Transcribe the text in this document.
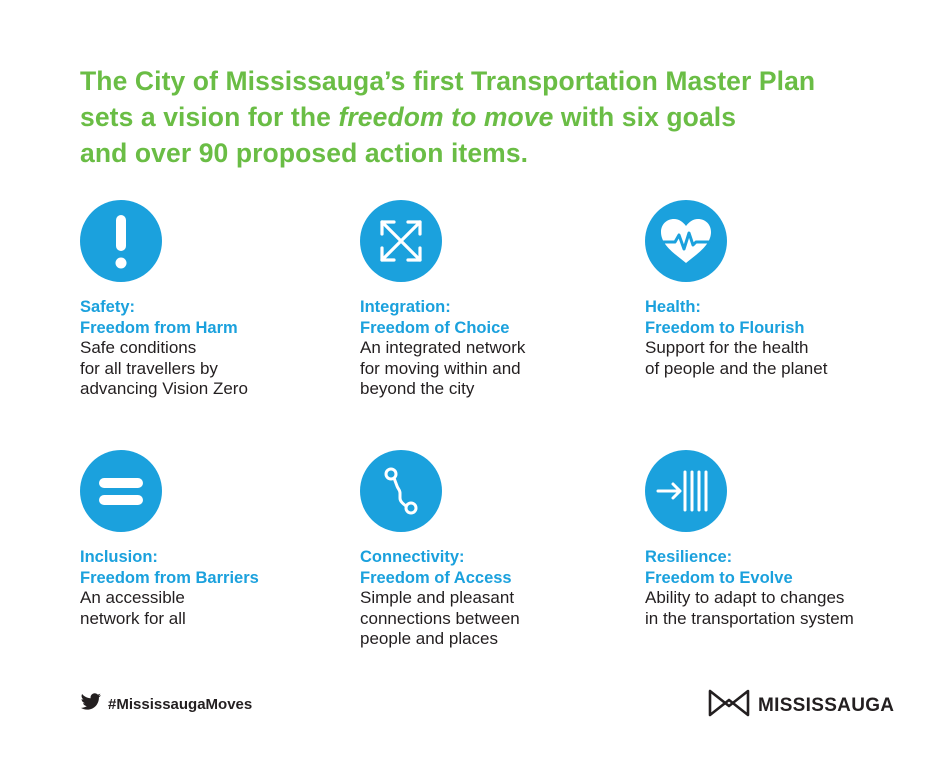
The City of Mississauga’s first Transportation Master Plan
sets a vision for the freedom to move with six goals
and over 90 proposed action items.
Safety:
Freedom from Harm
Safe conditions
for all travellers by
advancing Vision Zero
Integration:
Freedom of Choice
An integrated network
for moving within and
beyond the city
Health:
Freedom to Flourish
Support for the health
of people and the planet
Inclusion:
Freedom from Barriers
An accessible
network for all
Connectivity:
Freedom of Access
Simple and pleasant
connections between
people and places
Resilience:
Freedom to Evolve
Ability to adapt to changes
in the transportation system
#MississaugaMoves	MISSISSAUGA
